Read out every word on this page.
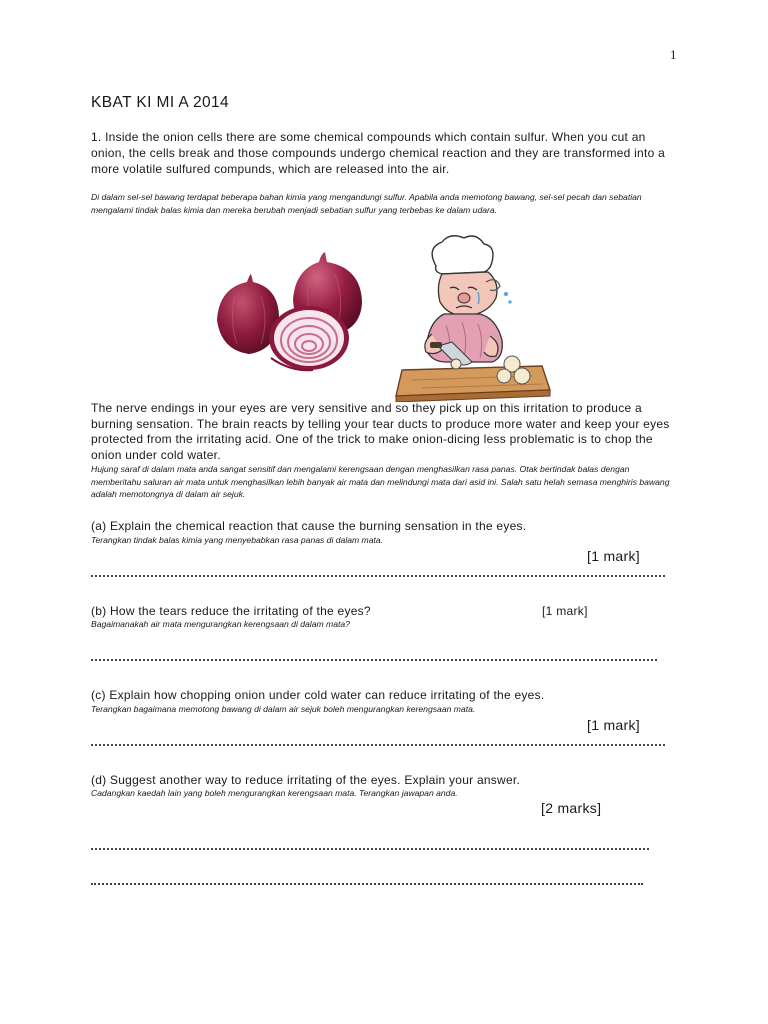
1
KBAT KI MI A 2014
1. Inside the onion cells there are some chemical compounds which contain sulfur. When you cut an onion, the cells break and those compounds undergo chemical reaction and they are transformed into a more volatile sulfured compunds, which are released into the air.
Di dalam sel-sel bawang terdapat beberapa bahan kimia yang mengandungi sulfur. Apabila anda memotong bawang, sel-sel pecah dan sebatian mengalami tindak balas kimia dan mereka berubah menjadi sebatian sulfur yang terbebas ke dalam udara.
The nerve endings in your eyes are very sensitive and so they pick up on this irritation to produce a burning sensation. The brain reacts by telling your tear ducts to produce more water and keep your eyes protected from the irritating acid. One of the trick to make onion-dicing less problematic is to chop the onion under cold water.
Hujung saraf di dalam mata anda sangat sensitif dan mengalami kerengsaan dengan menghasilkan rasa panas. Otak bertindak balas dengan memberitahu saluran air mata untuk menghasilkan lebih banyak air mata dan melindungi mata dari asid ini. Salah satu helah semasa menghiris bawang adalah memotongnya di dalam air sejuk.
(a) Explain the chemical reaction that cause the burning sensation in the eyes.
Terangkan tindak balas kimia yang menyebabkan rasa panas di dalam mata.
[1 mark]
(b) How the tears reduce the irritating of the eyes?	[1 mark]
Bagaimanakah air mata mengurangkan kerengsaan di dalam mata?
(c) Explain how chopping onion under cold water can reduce irritating of the eyes.
Terangkan bagaimana memotong bawang di dalam air sejuk boleh mengurangkan kerengsaan mata.
[1 mark]
(d) Suggest another way to reduce irritating of the eyes. Explain your answer.
Cadangkan kaedah lain yang boleh mengurangkan kerengsaan mata. Terangkan jawapan anda.
[2 marks]
